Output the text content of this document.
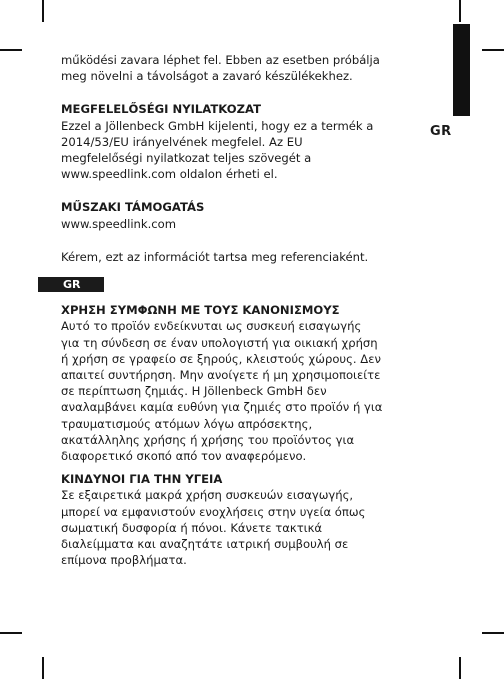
GR

működési zavara léphet fel. Ebben az esetben próbálja meg növelni a távolságot a zavaró készülékekhez.

MEGFELELŐSÉGI NYILATKOZAT

Ezzel a Jöllenbeck GmbH kijelenti, hogy ez a termék a 2014/53/EU irányelvének megfelel. Az EU megfelelőségi nyilatkozat teljes szövegét a www.speedlink.com oldalon érheti el.

MŰSZAKI TÁMOGATÁS

www.speedlink.com

Kérem, ezt az információt tartsa meg referenciaként.

GR

ΧΡΗΣΗ ΣΥΜΦΩΝΗ ΜΕ ΤΟΥΣ ΚΑΝΟΝΙΣΜΟΥΣ

Αυτό το προϊόν ενδείκνυται ως συσκευή εισαγωγής για τη σύνδεση σε έναν υπολογιστή για οικιακή χρήση ή χρήση σε γραφείο σε ξηρούς, κλειστούς χώρους. Δεν απαιτεί συντήρηση. Μην ανοίγετε ή μη χρησιμοποιείτε σε περίπτωση ζημιάς. Η Jöllenbeck GmbH δεν αναλαμβάνει καμία ευθύνη για ζημιές στο προϊόν ή για τραυματισμούς ατόμων λόγω απρόσεκτης, ακατάλληλης χρήσης ή χρήσης του προϊόντος για διαφορετικό σκοπό από τον αναφερόμενο.

ΚΙΝΔΥΝΟΙ ΓΙΑ ΤΗΝ ΥΓΕΙΑ

Σε εξαιρετικά μακρά χρήση συσκευών εισαγωγής, μπορεί να εμφανιστούν ενοχλήσεις στην υγεία όπως σωματική δυσφορία ή πόνοι. Κάνετε τακτικά διαλείμματα και αναζητάτε ιατρική συμβουλή σε επίμονα προβλήματα.
